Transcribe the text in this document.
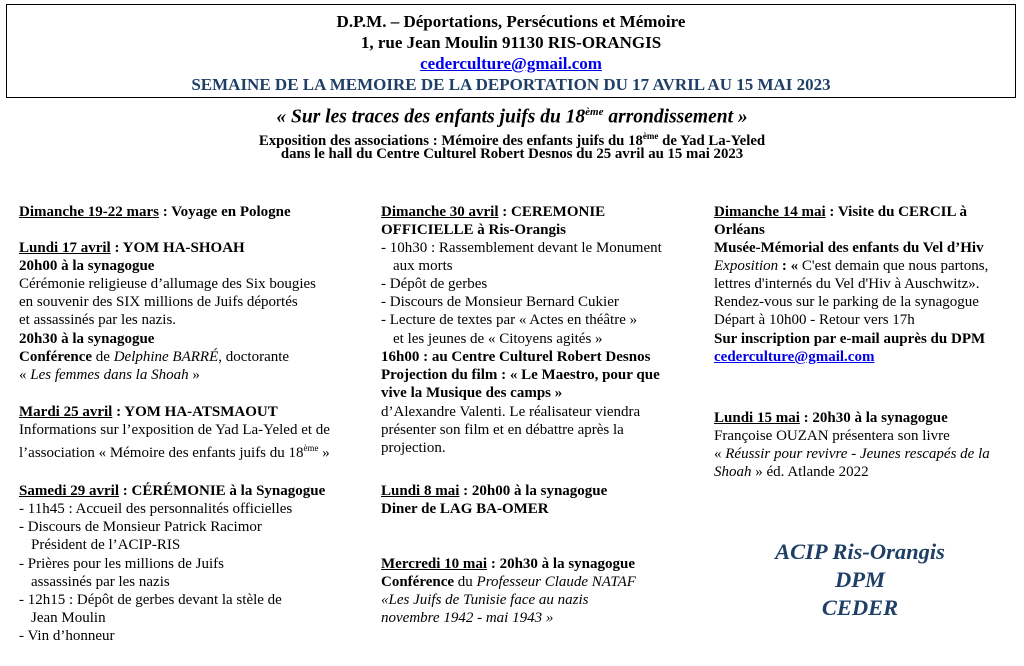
D.P.M. – Déportations, Persécutions et Mémoire
1, rue Jean Moulin 91130 RIS-ORANGIS
cederculture@gmail.com
SEMAINE DE LA MEMOIRE DE LA DEPORTATION DU 17 AVRIL AU 15 MAI 2023
« Sur les traces des enfants juifs du 18ème arrondissement »
Exposition des associations : Mémoire des enfants juifs du 18ème de Yad La-Yeled
dans le hall du Centre Culturel Robert Desnos du 25 avril au 15 mai 2023
Dimanche 19-22 mars : Voyage en Pologne
Lundi 17 avril : YOM HA-SHOAH
20h00 à la synagogue
Cérémonie religieuse d’allumage des Six bougies
en souvenir des SIX millions de Juifs déportés
et assassinés par les nazis.
20h30 à la synagogue
Conférence de Delphine BARRÉ, doctorante
« Les femmes dans la Shoah »
Mardi 25 avril : YOM HA-ATSMAOUT
Informations sur l’exposition de Yad La-Yeled et de
l’association « Mémoire des enfants juifs du 18ème »
Samedi 29 avril : CÉRÉMONIE à la Synagogue
- 11h45 : Accueil des personnalités officielles
- Discours de Monsieur Patrick Racimor
Président de l’ACIP-RIS
- Prières pour les millions de Juifs
assassinés par les nazis
- 12h15 : Dépôt de gerbes devant la stèle de
Jean Moulin
- Vin d’honneur
Dimanche 30 avril : CEREMONIE
OFFICIELLE à Ris-Orangis
- 10h30 : Rassemblement devant le Monument
aux morts
- Dépôt de gerbes
- Discours de Monsieur Bernard Cukier
- Lecture de textes par « Actes en théâtre »
et les jeunes de « Citoyens agités »
16h00 : au Centre Culturel Robert Desnos
Projection du film : « Le Maestro, pour que
vive la Musique des camps »
d’Alexandre Valenti. Le réalisateur viendra
présenter son film et en débattre après la
projection.
Lundi 8 mai : 20h00 à la synagogue
Diner de LAG BA-OMER
Mercredi 10 mai : 20h30 à la synagogue
Conférence du Professeur Claude NATAF
«Les Juifs de Tunisie face au nazis
novembre 1942 - mai 1943 »
Dimanche 14 mai : Visite du CERCIL à
Orléans
Musée-Mémorial des enfants du Vel d’Hiv
Exposition : « C'est demain que nous partons,
lettres d'internés du Vel d'Hiv à Auschwitz».
Rendez-vous sur le parking de la synagogue
Départ à 10h00 - Retour vers 17h
Sur inscription par e-mail auprès du DPM
cederculture@gmail.com
Lundi 15 mai : 20h30 à la synagogue
Françoise OUZAN présentera son livre
« Réussir pour revivre - Jeunes rescapés de la
Shoah » éd. Atlande 2022
ACIP Ris-Orangis
DPM
CEDER
